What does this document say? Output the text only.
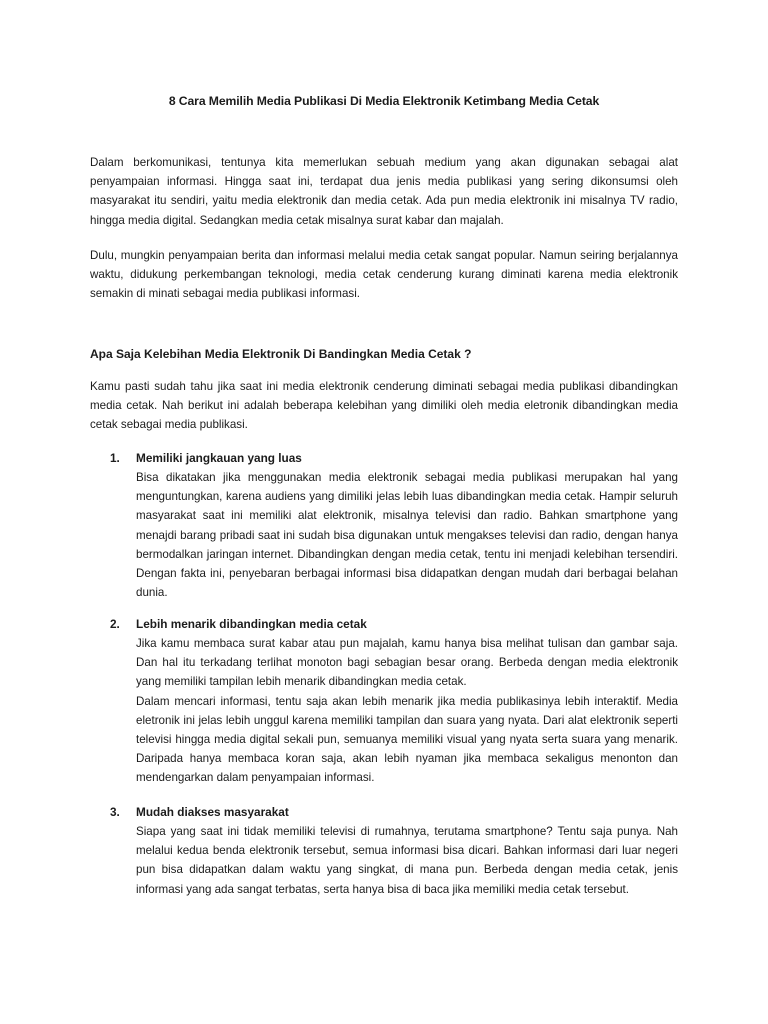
8 Cara Memilih Media Publikasi Di Media Elektronik Ketimbang Media Cetak

Dalam berkomunikasi, tentunya kita memerlukan sebuah medium yang akan digunakan sebagai alat penyampaian informasi. Hingga saat ini, terdapat dua jenis media publikasi yang sering dikonsumsi oleh masyarakat itu sendiri, yaitu media elektronik dan media cetak. Ada pun media elektronik ini misalnya TV radio, hingga media digital. Sedangkan media cetak misalnya surat kabar dan majalah.

Dulu, mungkin penyampaian berita dan informasi melalui media cetak sangat popular. Namun seiring berjalannya waktu, didukung perkembangan teknologi, media cetak cenderung kurang diminati karena media elektronik semakin di minati sebagai media publikasi informasi.

Apa Saja Kelebihan Media Elektronik Di Bandingkan Media Cetak ?

Kamu pasti sudah tahu jika saat ini media elektronik cenderung diminati sebagai media publikasi dibandingkan media cetak. Nah berikut ini adalah beberapa kelebihan yang dimiliki oleh media eletronik dibandingkan media cetak sebagai media publikasi.

1. Memiliki jangkauan yang luas

Bisa dikatakan jika menggunakan media elektronik sebagai media publikasi merupakan hal yang menguntungkan, karena audiens yang dimiliki jelas lebih luas dibandingkan media cetak. Hampir seluruh masyarakat saat ini memiliki alat elektronik, misalnya televisi dan radio. Bahkan smartphone yang menajdi barang pribadi saat ini sudah bisa digunakan untuk mengakses televisi dan radio, dengan hanya bermodalkan jaringan internet. Dibandingkan dengan media cetak, tentu ini menjadi kelebihan tersendiri. Dengan fakta ini, penyebaran berbagai informasi bisa didapatkan dengan mudah dari berbagai belahan dunia.

2. Lebih menarik dibandingkan media cetak

Jika kamu membaca surat kabar atau pun majalah, kamu hanya bisa melihat tulisan dan gambar saja. Dan hal itu terkadang terlihat monoton bagi sebagian besar orang. Berbeda dengan media elektronik yang memiliki tampilan lebih menarik dibandingkan media cetak.

Dalam mencari informasi, tentu saja akan lebih menarik jika media publikasinya lebih interaktif. Media eletronik ini jelas lebih unggul karena memiliki tampilan dan suara yang nyata. Dari alat elektronik seperti televisi hingga media digital sekali pun, semuanya memiliki visual yang nyata serta suara yang menarik. Daripada hanya membaca koran saja, akan lebih nyaman jika membaca sekaligus menonton dan mendengarkan dalam penyampaian informasi.

3. Mudah diakses masyarakat

Siapa yang saat ini tidak memiliki televisi di rumahnya, terutama smartphone? Tentu saja punya. Nah melalui kedua benda elektronik tersebut, semua informasi bisa dicari. Bahkan informasi dari luar negeri pun bisa didapatkan dalam waktu yang singkat, di mana pun. Berbeda dengan media cetak, jenis informasi yang ada sangat terbatas, serta hanya bisa di baca jika memiliki media cetak tersebut.
